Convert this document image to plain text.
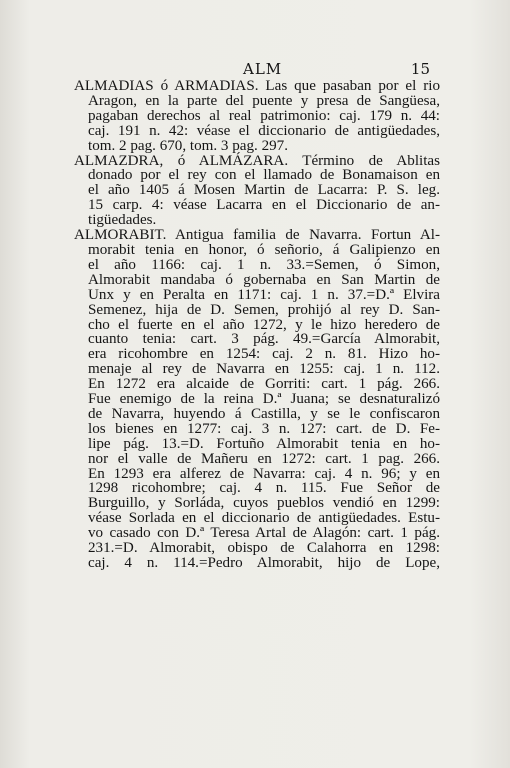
ALM	15
ALMADIAS ó ARMADIAS. Las que pasaban por el rio
Aragon, en la parte del puente y presa de Sangüesa,
pagaban derechos al real patrimonio: caj. 179 n. 44:
caj. 191 n. 42: véase el diccionario de antigüedades,
tom. 2 pag. 670, tom. 3 pag. 297.
ALMAZDRA, ó ALMÁZARA. Término de Ablitas
donado por el rey con el llamado de Bonamaison en
el año 1405 á Mosen Martin de Lacarra: P. S. leg.
15 carp. 4: véase Lacarra en el Diccionario de an-
tigüedades.
ALMORABIT. Antigua familia de Navarra. Fortun Al-
morabit tenia en honor, ó señorio, á Galipienzo en
el año 1166: caj. 1 n. 33.=Semen, ó Simon,
Almorabit mandaba ó gobernaba en San Martin de
Unx y en Peralta en 1171: caj. 1 n. 37.=D.ª Elvira
Semenez, hija de D. Semen, prohijó al rey D. San-
cho el fuerte en el año 1272, y le hizo heredero de
cuanto tenia: cart. 3 pág. 49.=García Almorabit,
era ricohombre en 1254: caj. 2 n. 81. Hizo ho-
menaje al rey de Navarra en 1255: caj. 1 n. 112.
En 1272 era alcaide de Gorriti: cart. 1 pág. 266.
Fue enemigo de la reina D.ª Juana; se desnaturalizó
de Navarra, huyendo á Castilla, y se le confiscaron
los bienes en 1277: caj. 3 n. 127: cart. de D. Fe-
lipe pág. 13.=D. Fortuño Almorabit tenia en ho-
nor el valle de Mañeru en 1272: cart. 1 pag. 266.
En 1293 era alferez de Navarra: caj. 4 n. 96; y en
1298 ricohombre; caj. 4 n. 115. Fue Señor de
Burguillo, y Sorláda, cuyos pueblos vendió en 1299:
véase Sorlada en el diccionario de antigüedades. Estu-
vo casado con D.ª Teresa Artal de Alagón: cart. 1 pág.
231.=D. Almorabit, obispo de Calahorra en 1298:
caj. 4 n. 114.=Pedro Almorabit, hijo de Lope,
